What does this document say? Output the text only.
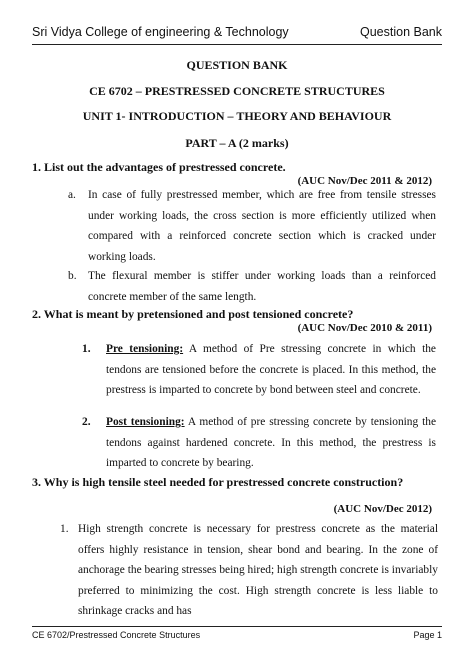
Sri Vidya College of engineering & Technology	Question Bank
QUESTION BANK
CE 6702 – PRESTRESSED CONCRETE STRUCTURES
UNIT 1- INTRODUCTION – THEORY AND BEHAVIOUR
PART – A (2 marks)
1. List out the advantages of prestressed concrete.
(AUC Nov/Dec 2011 & 2012)
a. In case of fully prestressed member, which are free from tensile stresses under working loads, the cross section is more efficiently utilized when compared with a reinforced concrete section which is cracked under working loads.
b. The flexural member is stiffer under working loads than a reinforced concrete member of the same length.
2. What is meant by pretensioned and post tensioned concrete?
(AUC Nov/Dec 2010 & 2011)
1. Pre tensioning: A method of Pre stressing concrete in which the tendons are tensioned before the concrete is placed. In this method, the prestress is imparted to concrete by bond between steel and concrete.
2. Post tensioning: A method of pre stressing concrete by tensioning the tendons against hardened concrete. In this method, the prestress is imparted to concrete by bearing.
3. Why is high tensile steel needed for prestressed concrete construction?
(AUC Nov/Dec 2012)
1. High strength concrete is necessary for prestress concrete as the material offers highly resistance in tension, shear bond and bearing. In the zone of anchorage the bearing stresses being hired; high strength concrete is invariably preferred to minimizing the cost. High strength concrete is less liable to shrinkage cracks and has
CE 6702/Prestressed Concrete Structures	Page 1
